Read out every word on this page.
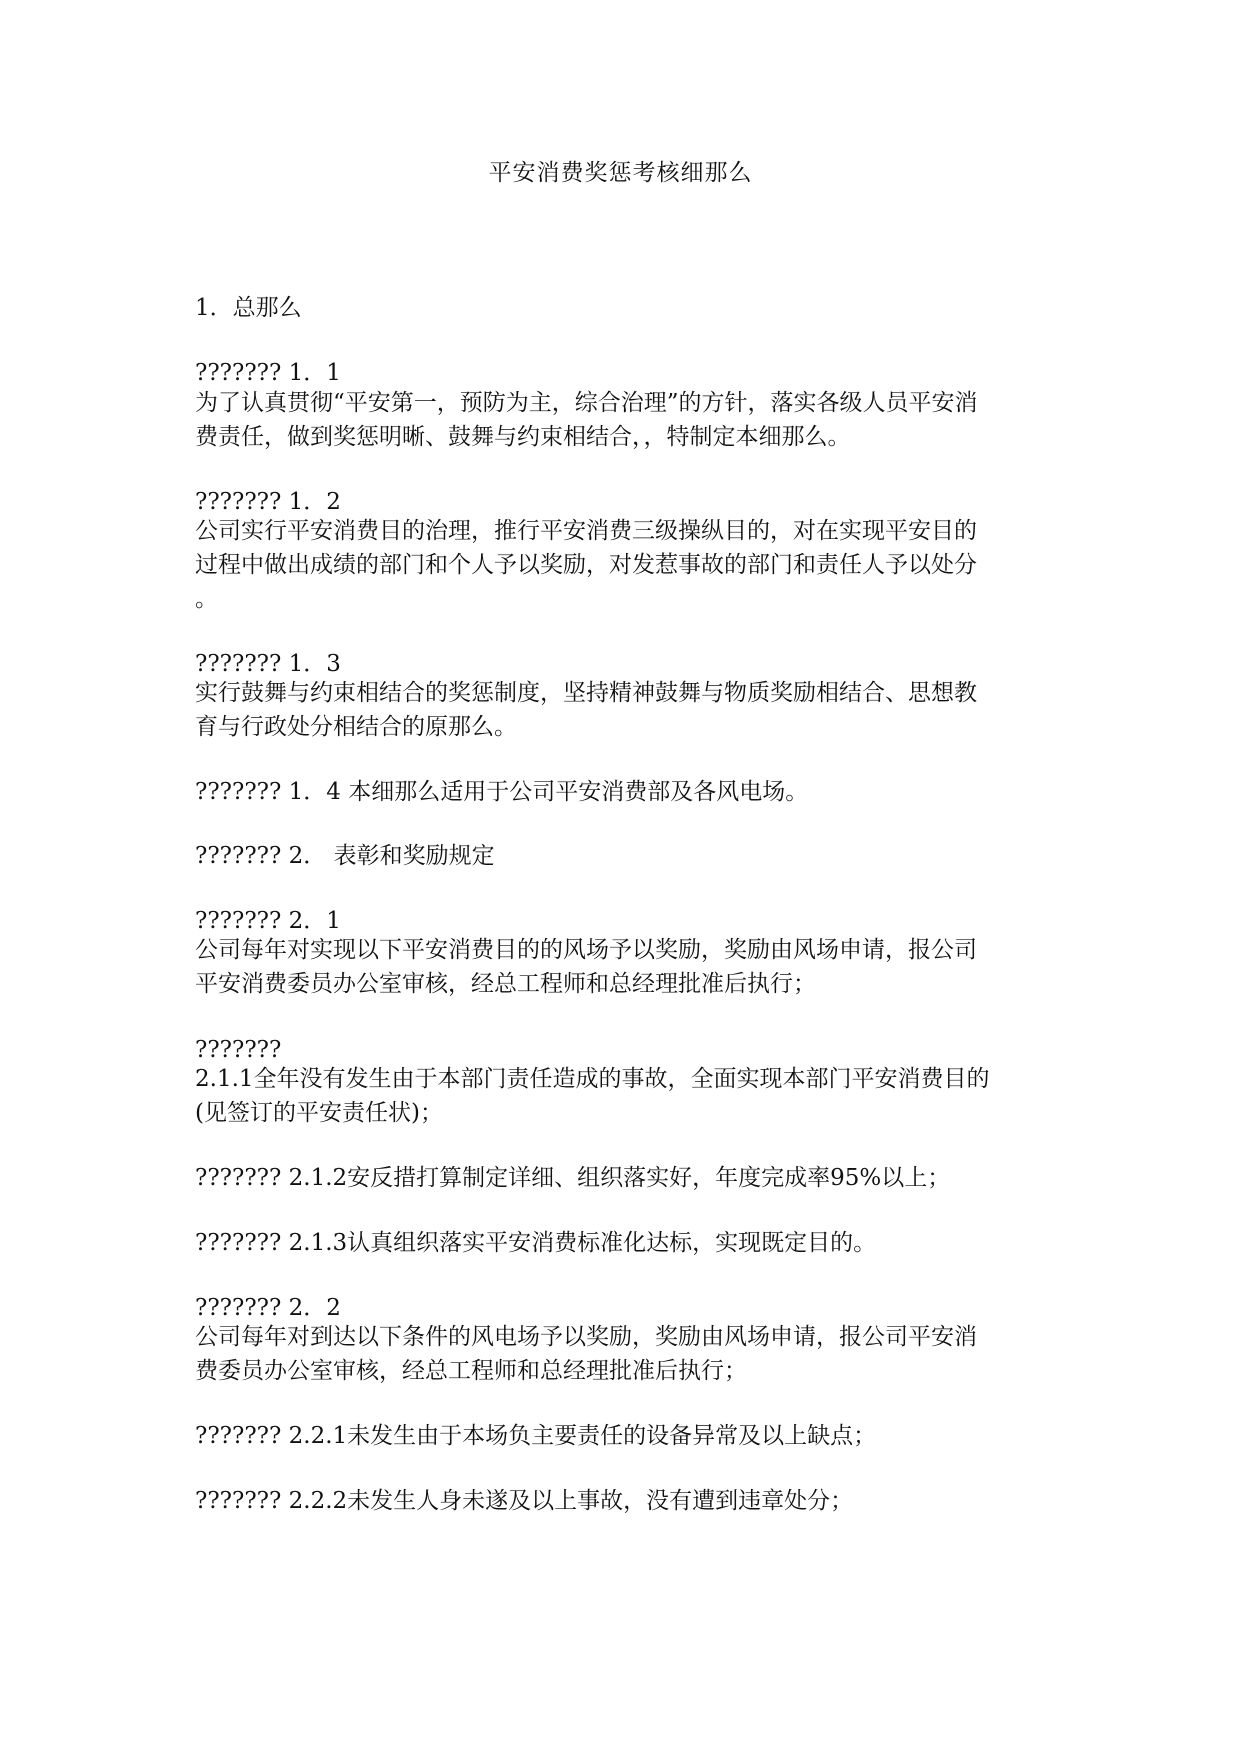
平安消费奖惩考核细那么
1．总那么
??????? 1．1
为了认真贯彻“平安第一，预防为主，综合治理”的方针，落实各级人员平安消
费责任，做到奖惩明晰、鼓舞与约束相结合，，特制定本细那么。
??????? 1．2
公司实行平安消费目的治理，推行平安消费三级操纵目的，对在实现平安目的
过程中做出成绩的部门和个人予以奖励，对发惹事故的部门和责任人予以处分
。
??????? 1．3
实行鼓舞与约束相结合的奖惩制度，坚持精神鼓舞与物质奖励相结合、思想教
育与行政处分相结合的原那么。
??????? 1．4 本细那么适用于公司平安消费部及各风电场。
??????? 2． 表彰和奖励规定
??????? 2．1
公司每年对实现以下平安消费目的的风场予以奖励，奖励由风场申请，报公司
平安消费委员办公室审核，经总工程师和总经理批准后执行；
???????
2.1.1全年没有发生由于本部门责任造成的事故，全面实现本部门平安消费目的
(见签订的平安责任状)；
??????? 2.1.2安反措打算制定详细、组织落实好，年度完成率95%以上；
??????? 2.1.3认真组织落实平安消费标准化达标，实现既定目的。
??????? 2．2
公司每年对到达以下条件的风电场予以奖励，奖励由风场申请，报公司平安消
费委员办公室审核，经总工程师和总经理批准后执行；
??????? 2.2.1未发生由于本场负主要责任的设备异常及以上缺点；
??????? 2.2.2未发生人身未遂及以上事故，没有遭到违章处分；
